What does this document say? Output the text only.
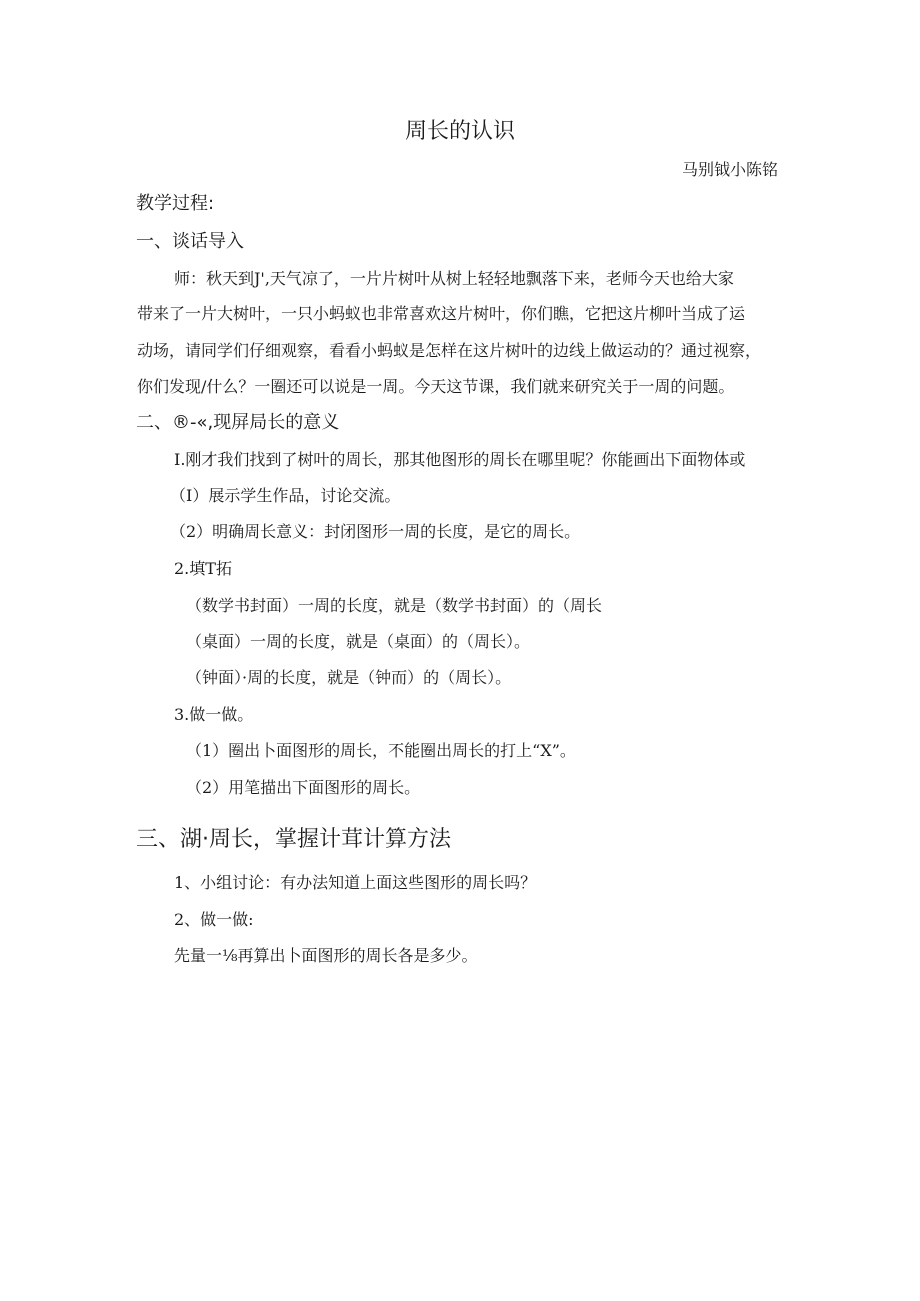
周长的认识
马别钺小陈铭
教学过程:
一、谈话导入
师：秋天到J',天气凉了，一片片树叶从树上轻轻地飘落下来，老师今天也给大家
带来了一片大树叶，一只小蚂蚁也非常喜欢这片树叶，你们瞧，它把这片柳叶当成了运
动场，请同学们仔细观察，看看小蚂蚁是怎样在这片树叶的边线上做运动的？通过视察，
你们发现/什么？一圈还可以说是一周。今天这节课，我们就来研究关于一周的问题。
二、®-«,现屏局长的意义
I.刚才我们找到了树叶的周长，那其他图形的周长在哪里呢？你能画出下面物体或
（I）展示学生作品，讨论交流。
（2）明确周长意义：封闭图形一周的长度，是它的周长。
2.填T拓
（数学书封面）一周的长度，就是（数学书封面）的（周长
（桌面）一周的长度，就是（桌面）的（周长）。
（钟面）·周的长度，就是（钟而）的（周长）。
3.做一做。
（1）圈出卜面图形的周长，不能圈出周长的打上“X”。
（2）用笔描出下面图形的周长。
三、湖·周长，掌握计茸计算方法
1、小组讨论：有办法知道上面这些图形的周长吗？
2、做一做:
先量一⅛再算出卜面图形的周长各是多少。
